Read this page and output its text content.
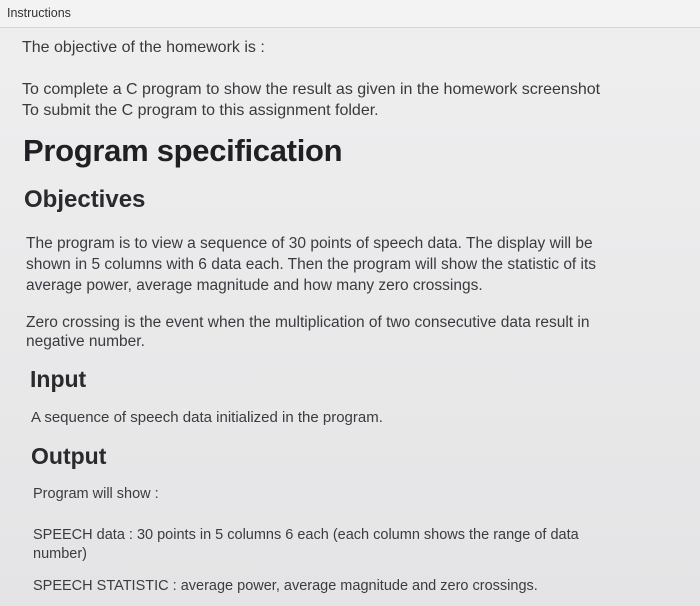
Instructions
The objective of the homework is :
To complete a C program to show the result as given in the homework screenshot
To submit the C program to this assignment folder.
Program specification
Objectives
The program is to view a sequence of 30 points of speech data. The display will be
shown in 5 columns with 6 data each. Then the program will show the statistic of its
average power, average magnitude and how many zero crossings.
Zero crossing is the event when the multiplication of two consecutive data result in
negative number.
Input
A sequence of speech data initialized in the program.
Output
Program will show :
SPEECH data : 30 points in 5 columns 6 each (each column shows the range of data
number)
SPEECH STATISTIC : average power, average magnitude and zero crossings.
